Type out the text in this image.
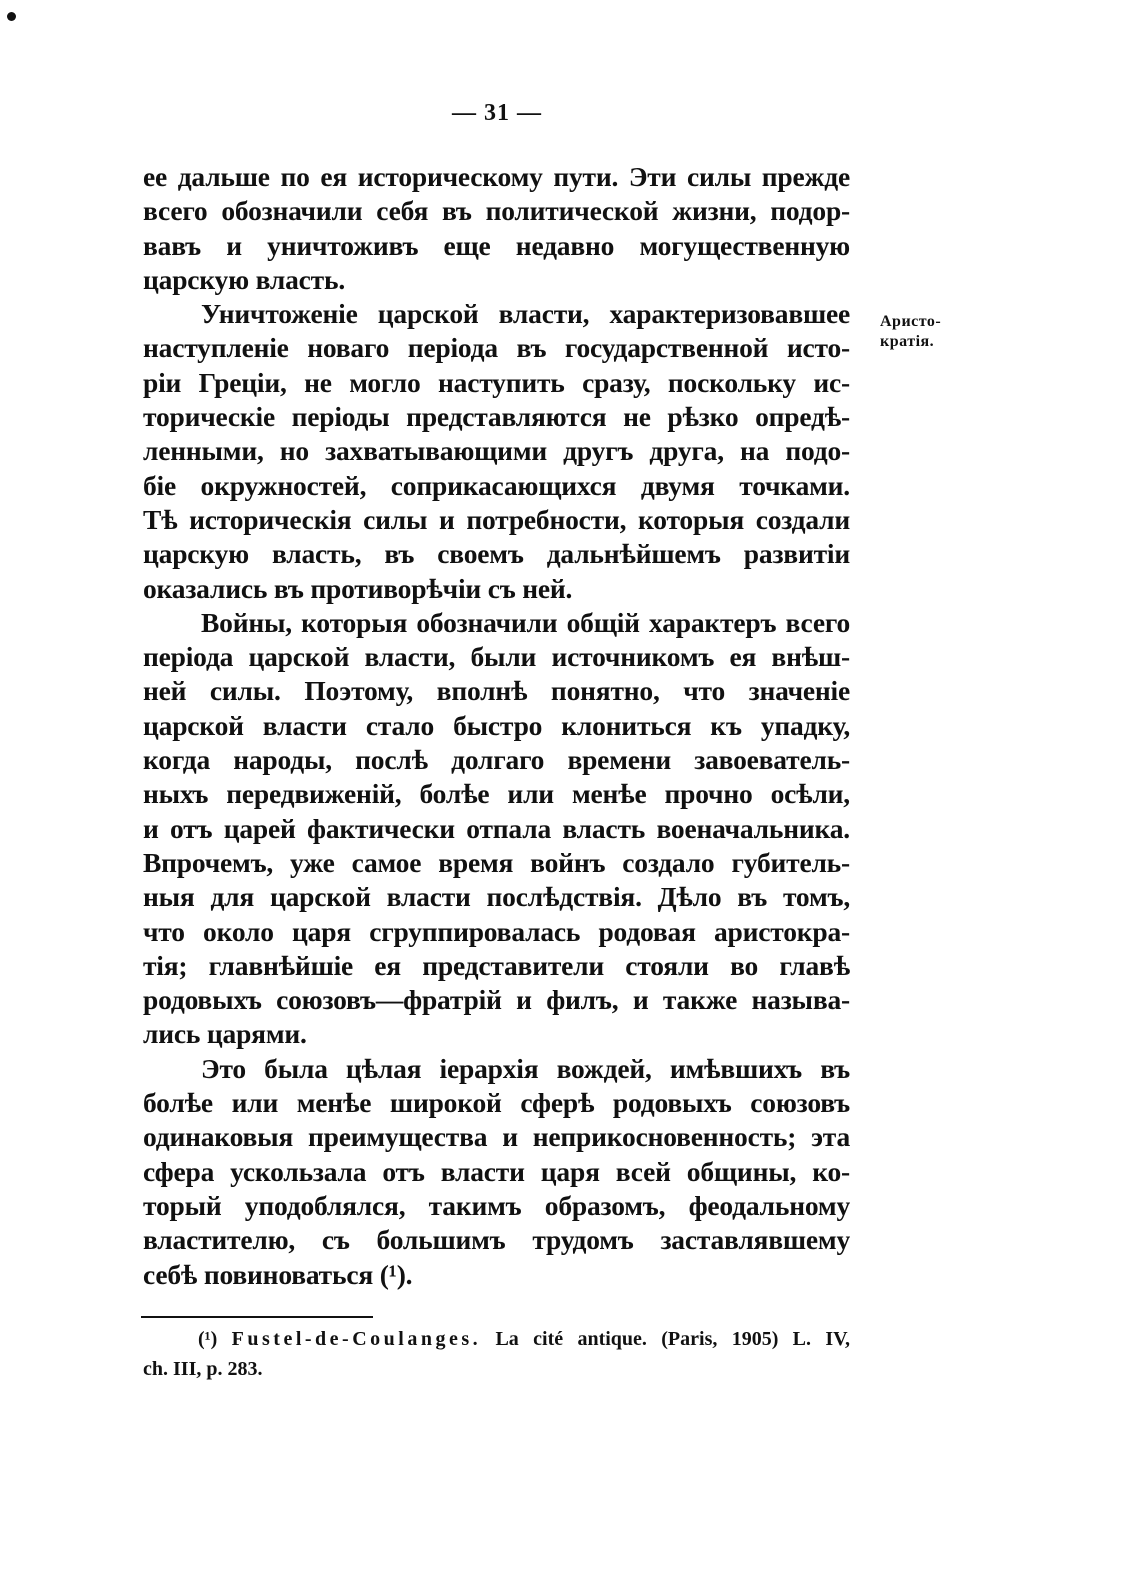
— 31 —
Аристо-
кратія.
ее дальше по ея историческому пути. Эти силы прежде
всего обозначили себя въ политической жизни, подор-
вавъ и уничтоживъ еще недавно могущественную
царскую власть.
Уничтоженіе царской власти, характеризовавшее
наступленіе новаго періода въ государственной исто-
ріи Греціи, не могло наступить сразу, поскольку ис-
торическіе періоды представляются не рѣзко опредѣ-
ленными, но захватывающими другъ друга, на подо-
біе окружностей, соприкасающихся двумя точками.
Тѣ историческія силы и потребности, которыя создали
царскую власть, въ своемъ дальнѣйшемъ развитіи
оказались въ противорѣчіи съ ней.
Войны, которыя обозначили общій характеръ всего
періода царской власти, были источникомъ ея внѣш-
ней силы. Поэтому, вполнѣ понятно, что значеніе
царской власти стало быстро клониться къ упадку,
когда народы, послѣ долгаго времени завоеватель-
ныхъ передвиженій, болѣе или менѣе прочно осѣли,
и отъ царей фактически отпала власть военачальника.
Впрочемъ, уже самое время войнъ создало губитель-
ныя для царской власти послѣдствія. Дѣло въ томъ,
что около царя сгруппировалась родовая аристокра-
тія; главнѣйшіе ея представители стояли во главѣ
родовыхъ союзовъ—фратрій и филъ, и также называ-
лись царями.
Это была цѣлая іерархія вождей, имѣвшихъ въ
болѣе или менѣе широкой сферѣ родовыхъ союзовъ
одинаковыя преимущества и неприкосновенность; эта
сфера ускользала отъ власти царя всей общины, ко-
торый уподоблялся, такимъ образомъ, феодальному
властителю, съ большимъ трудомъ заставлявшему
себѣ повиноваться (¹).
(¹) Fustel-de-Coulanges. La cité antique. (Paris, 1905) L. IV,
ch. III, p. 283.
